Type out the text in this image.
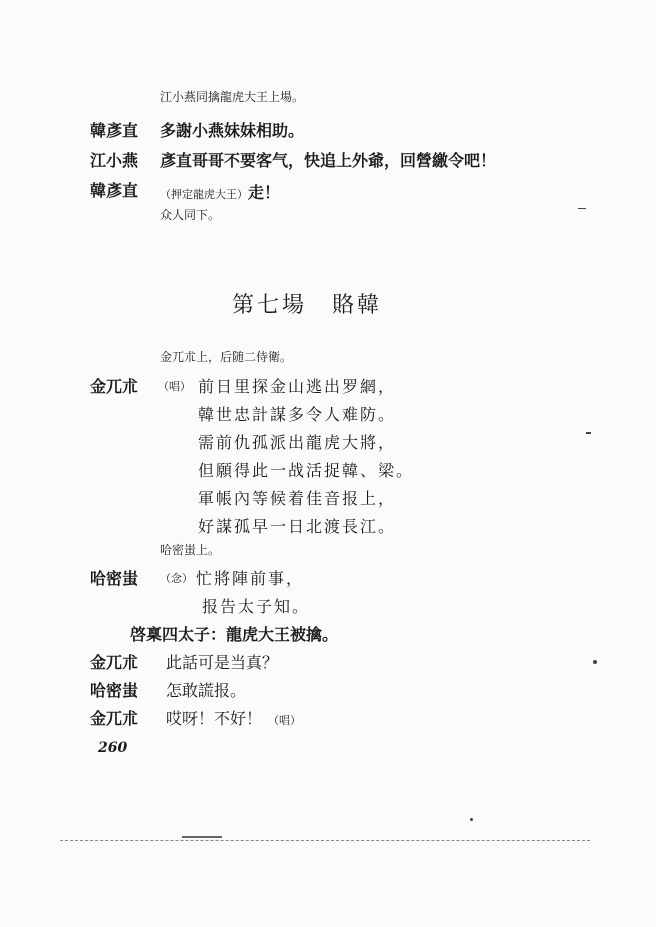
江小燕同擒龍虎大王上場。
韓彥直 多謝小燕妹妹相助。
江小燕 彥直哥哥不要客气，快追上外爺，回營繳令吧！
韓彥直 （押定龍虎大王）走！
众人同下。
第七場　賂韓
金兀朮上，后随二侍衛。
金兀朮 （唱） 前日里探金山逃出罗網，
韓世忠計謀多令人难防。
需前仇孤派出龍虎大將，
但願得此一战活捉韓、梁。
軍帳內等候着佳音报上，
好謀孤早一日北渡長江。
哈密蚩上。
哈密蚩 （念） 忙將陣前事，
报告太子知。
啓稟四太子：龍虎大王被擒。
金兀朮 此話可是当真？
哈密蚩 怎敢謊报。
金兀朮 哎呀！不好！ （唱）
260
